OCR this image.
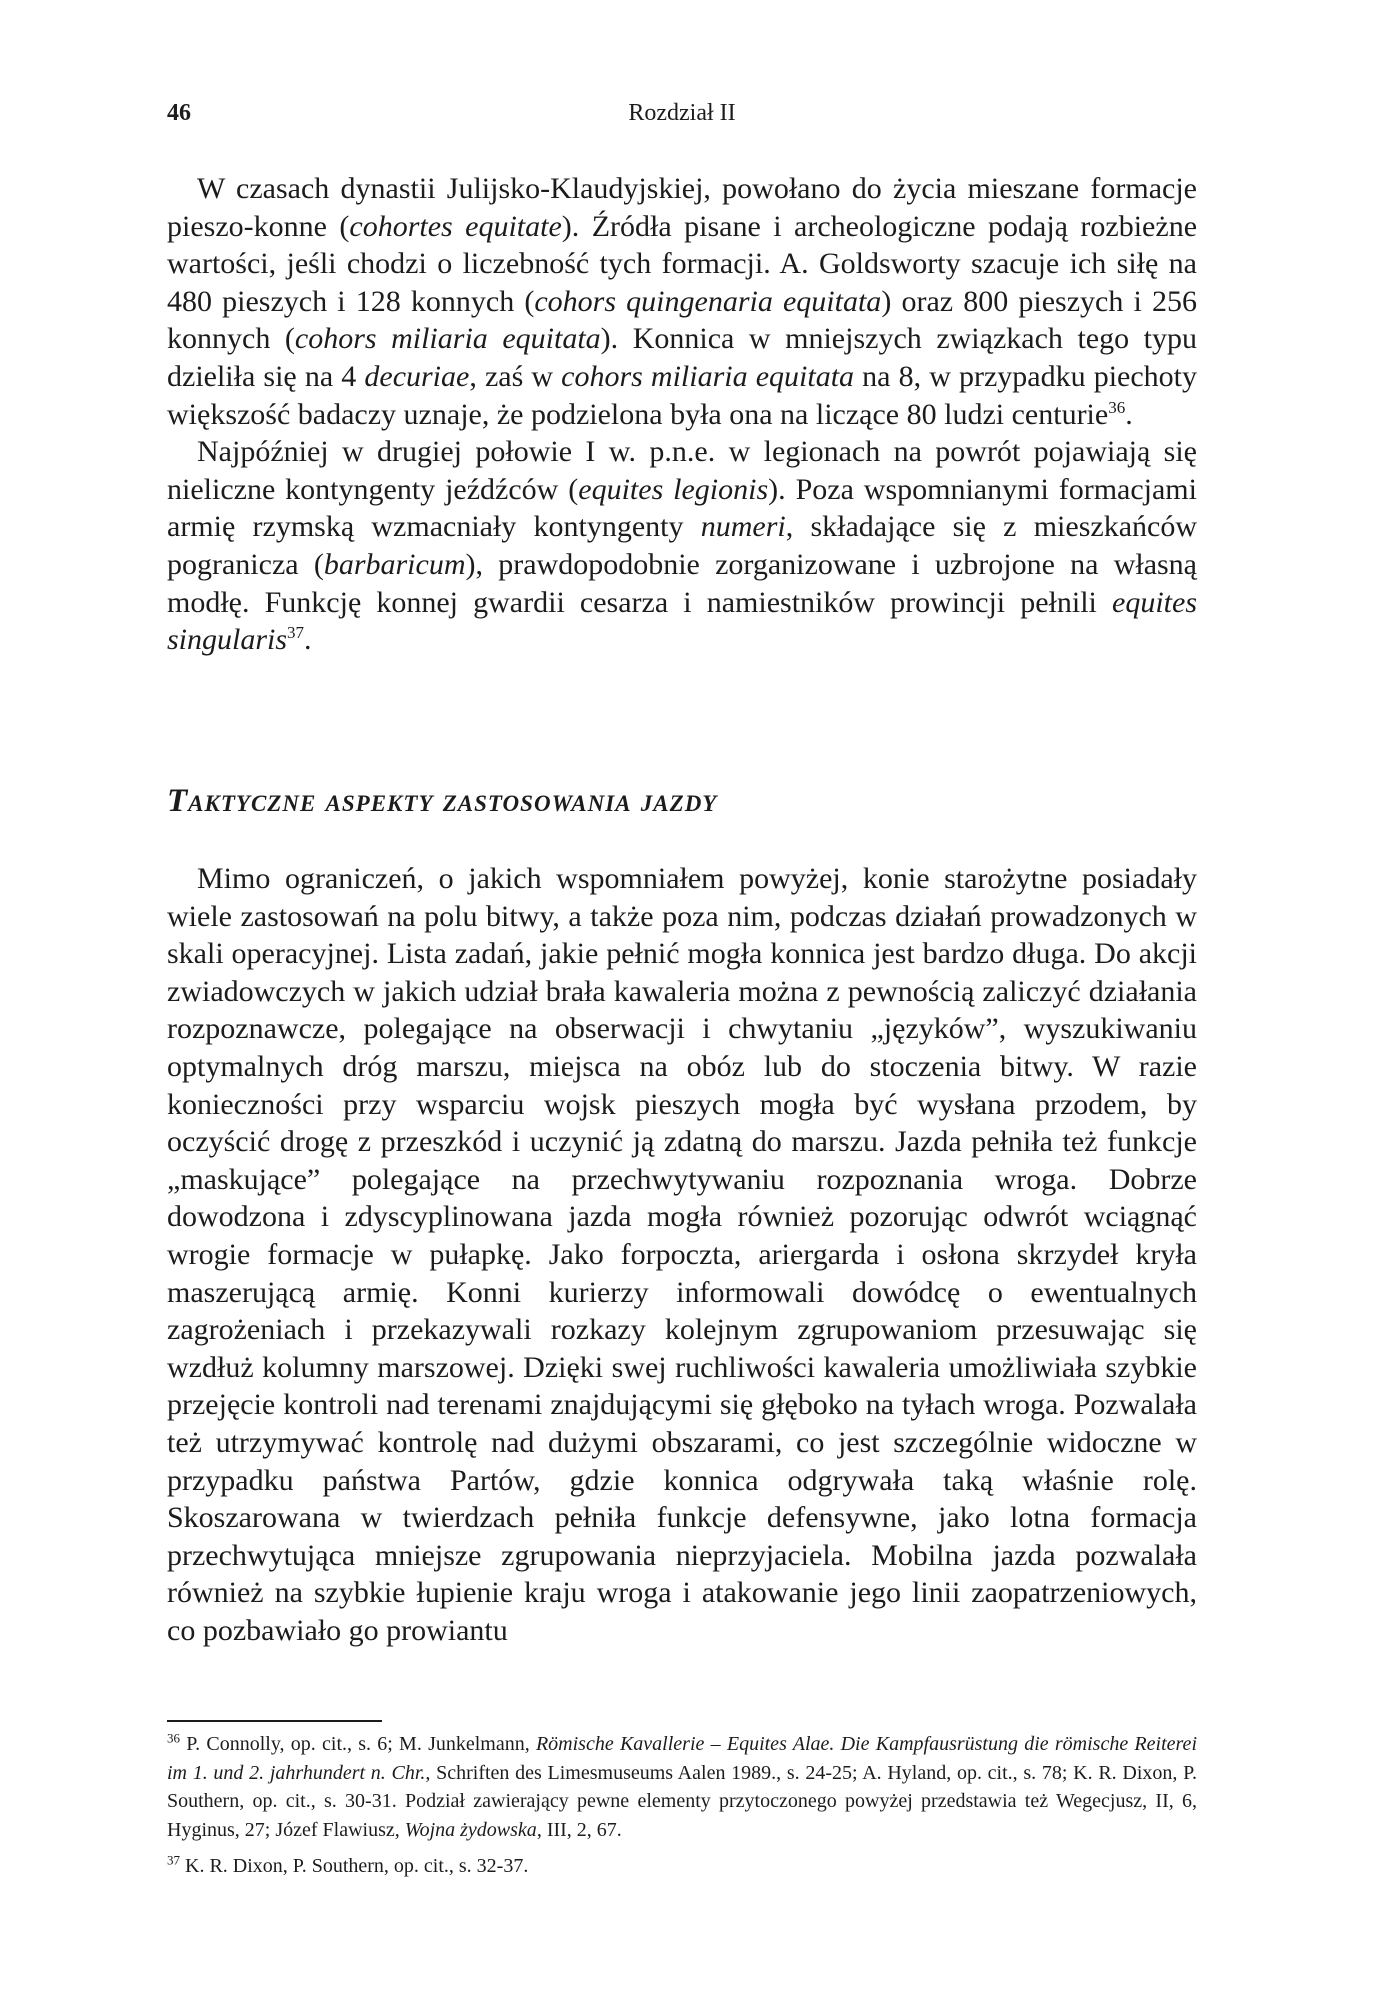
46	Rozdział II

W czasach dynastii Julijsko-Klaudyjskiej, powołano do życia mieszane formacje pieszo-konne (cohortes equitate). Źródła pisane i archeologiczne podają rozbieżne wartości, jeśli chodzi o liczebność tych formacji. A. Goldsworty szacuje ich siłę na 480 pieszych i 128 konnych (cohors quingenaria equitata) oraz 800 pieszych i 256 konnych (cohors miliaria equitata). Konnica w mniejszych związkach tego typu dzieliła się na 4 decuriae, zaś w cohors miliaria equitata na 8, w przypadku piechoty większość badaczy uznaje, że podzielona była ona na liczące 80 ludzi centurie$^{36}$.

Najpóźniej w drugiej połowie I w. p.n.e. w legionach na powrót pojawiają się nieliczne kontyngenty jeźdźców (equites legionis). Poza wspomnianymi formacjami armię rzymską wzmacniały kontyngenty numeri, składające się z mieszkańców pogranicza (barbaricum), prawdopodobnie zorganizowane i uzbrojone na własną modłę. Funkcję konnej gwardii cesarza i namiestników prowincji pełnili equites singularis$^{37}$.

Taktyczne aspekty zastosowania jazdy

Mimo ograniczeń, o jakich wspomniałem powyżej, konie starożytne posiadały wiele zastosowań na polu bitwy, a także poza nim, podczas działań prowadzonych w skali operacyjnej. Lista zadań, jakie pełnić mogła konnica jest bardzo długa. Do akcji zwiadowczych w jakich udział brała kawaleria można z pewnością zaliczyć działania rozpoznawcze, polegające na obserwacji i chwytaniu „języków”, wyszukiwaniu optymalnych dróg marszu, miejsca na obóz lub do stoczenia bitwy. W razie konieczności przy wsparciu wojsk pieszych mogła być wysłana przodem, by oczyścić drogę z przeszkód i uczynić ją zdatną do marszu. Jazda pełniła też funkcje „maskujące” polegające na przechwytywaniu rozpoznania wroga. Dobrze dowodzona i zdyscyplinowana jazda mogła również pozorując odwrót wciągnąć wrogie formacje w pułapkę. Jako forpoczta, ariergarda i osłona skrzydeł kryła maszerującą armię. Konni kurierzy informowali dowódcę o ewentualnych zagrożeniach i przekazywali rozkazy kolejnym zgrupowaniom przesuwając się wzdłuż kolumny marszowej. Dzięki swej ruchliwości kawaleria umożliwiała szybkie przejęcie kontroli nad terenami znajdującymi się głęboko na tyłach wroga. Pozwalała też utrzymywać kontrolę nad dużymi obszarami, co jest szczególnie widoczne w przypadku państwa Partów, gdzie konnica odgrywała taką właśnie rolę. Skoszarowana w twierdzach pełniła funkcje defensywne, jako lotna formacja przechwytująca mniejsze zgrupowania nieprzyjaciela. Mobilna jazda pozwalała również na szybkie łupienie kraju wroga i atakowanie jego linii zaopatrzeniowych, co pozbawiało go prowiantu

$^{36}$ P. Connolly, op. cit., s. 6; M. Junkelmann, Römische Kavallerie – Equites Alae. Die Kampfausrüstung die römische Reiterei im 1. und 2. jahrhundert n. Chr., Schriften des Limesmuseums Aalen 1989., s. 24-25; A. Hyland, op. cit., s. 78; K. R. Dixon, P. Southern, op. cit., s. 30-31. Podział zawierający pewne elementy przytoczonego powyżej przedstawia też Wegecjusz, II, 6, Hyginus, 27; Józef Flawiusz, Wojna żydowska, III, 2, 67.

$^{37}$ K. R. Dixon, P. Southern, op. cit., s. 32-37.
